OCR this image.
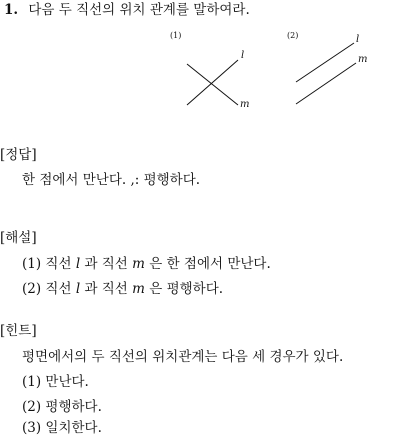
1. 다음 두 직선의 위치 관계를 말하여라.
(1)	(2)
l
m
l
m
[정답]
한 점에서 만난다. ,: 평행하다.
[해설]
(1) 직선 l 과 직선 m 은 한 점에서 만난다.
(2) 직선 l 과 직선 m 은 평행하다.
[힌트]
평면에서의 두 직선의 위치관계는 다음 세 경우가 있다.
(1) 만난다.
(2) 평행하다.
(3) 일치한다.
